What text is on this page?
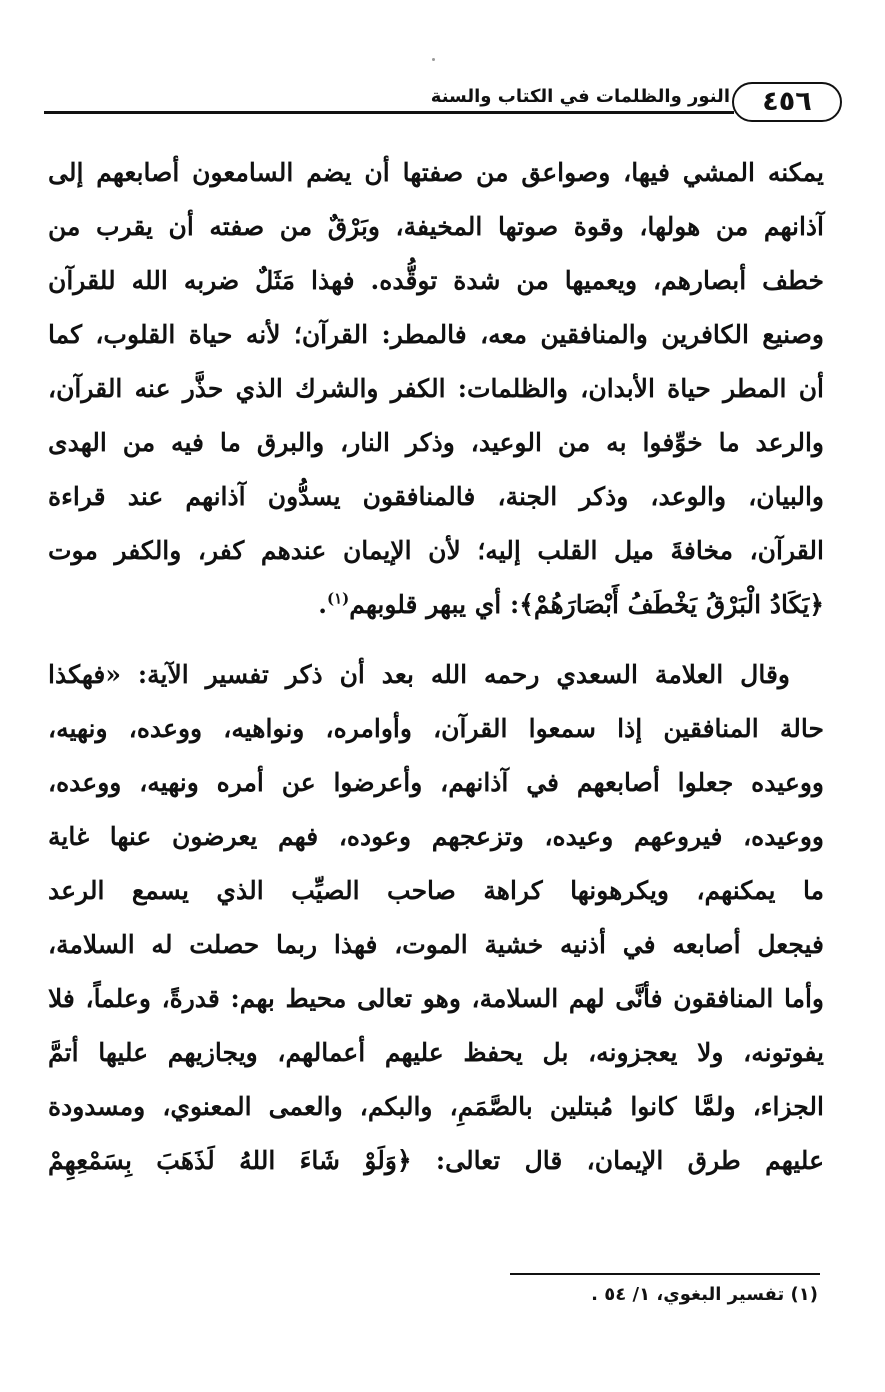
النور والظلمات في الكتاب والسنة	٤٥٦
يمكنه المشي فيها، وصواعق من صفتها أن يضم السامعون أصابعهم إلى
آذانهم من هولها، وقوة صوتها المخيفة، وبَرْقٌ من صفته أن يقرب من
خطف أبصارهم، ويعميها من شدة توقُّده. فهذا مَثَلٌ ضربه الله للقرآن
وصنيع الكافرين والمنافقين معه، فالمطر: القرآن؛ لأنه حياة القلوب، كما
أن المطر حياة الأبدان، والظلمات: الكفر والشرك الذي حذَّر عنه القرآن،
والرعد ما خوِّفوا به من الوعيد، وذكر النار، والبرق ما فيه من الهدى
والبيان، والوعد، وذكر الجنة، فالمنافقون يسدُّون آذانهم عند قراءة
القرآن، مخافةَ ميل القلب إليه؛ لأن الإيمان عندهم كفر، والكفر موت
﴿يَكَادُ الْبَرْقُ يَخْطَفُ أَبْصَارَهُمْ﴾: أي يبهر قلوبهم$^{(١)}$.
وقال العلامة السعدي رحمه الله بعد أن ذكر تفسير الآية: «فهكذا
حالة المنافقين إذا سمعوا القرآن، وأوامره، ونواهيه، ووعده، ونهيه،
ووعيده جعلوا أصابعهم في آذانهم، وأعرضوا عن أمره ونهيه، ووعده،
ووعيده، فيروعهم وعيده، وتزعجهم وعوده، فهم يعرضون عنها غاية
ما يمكنهم، ويكرهونها كراهة صاحب الصيِّب الذي يسمع الرعد
فيجعل أصابعه في أذنيه خشية الموت، فهذا ربما حصلت له السلامة،
وأما المنافقون فأنَّى لهم السلامة، وهو تعالى محيط بهم: قدرةً، وعلماً، فلا
يفوتونه، ولا يعجزونه، بل يحفظ عليهم أعمالهم، ويجازيهم عليها أتمَّ
الجزاء، ولمَّا كانوا مُبتلين بالصَّمَمِ، والبكم، والعمى المعنوي، ومسدودة
عليهم طرق الإيمان، قال تعالى: ﴿وَلَوْ شَاءَ اللهُ لَذَهَبَ بِسَمْعِهِمْ
(١) تفسير البغوي، ١/ ٥٤ .
